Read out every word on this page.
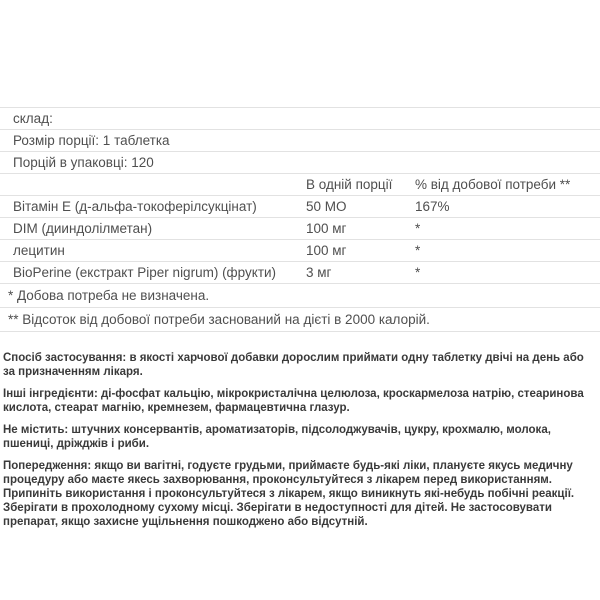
склад:		
Розмір порції: 1 таблетка		
Порцій в упаковці: 120		
	В одній порції	% від добової потреби **
Вітамін E (д-альфа-токоферілсукцінат)	50 МО	167%
DIM (дииндолілметан)	100 мг	*
лецитин	100 мг	*
BioPerine (екстракт Piper nigrum) (фрукти)	3 мг	*
* Добова потреба не визначена.		
** Відсоток від добової потреби заснований на дієті в 2000 калорій.		

Спосіб застосування: в якості харчової добавки дорослим приймати одну таблетку двічі на день або за призначенням лікаря.

Інші інгредієнти: ді-фосфат кальцію, мікрокристалічна целюлоза, кроскармелоза натрію, стеаринова кислота, стеарат магнію, кремнезем, фармацевтична глазур.

Не містить: штучних консервантів, ароматизаторів, підсолоджувачів, цукру, крохмалю, молока, пшениці, дріжджів і риби.

Попередження: якщо ви вагітні, годуєте грудьми, приймаєте будь-які ліки, плануєте якусь медичну процедуру або маєте якесь захворювання, проконсультуйтеся з лікарем перед використанням. Припиніть використання і проконсультуйтеся з лікарем, якщо виникнуть які-небудь побічні реакції. Зберігати в прохолодному сухому місці. Зберігати в недоступності для дітей. Не застосовувати препарат, якщо захисне ущільнення пошкоджено або відсутній.
